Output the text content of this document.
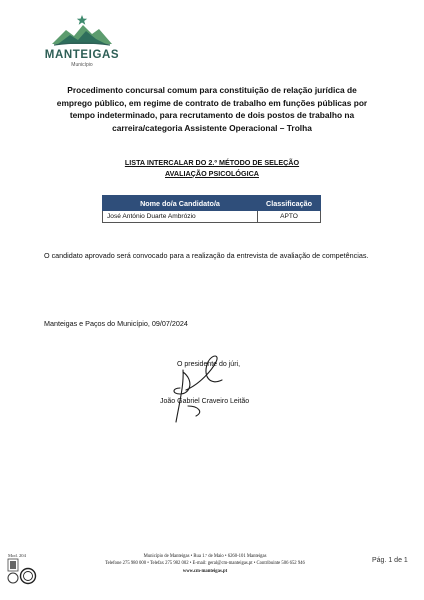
MANTEIGAS
Município
Procedimento concursal comum para constituição de relação jurídica de
emprego público, em regime de contrato de trabalho em funções públicas por
tempo indeterminado, para recrutamento de dois postos de trabalho na
carreira/categoria Assistente Operacional – Trolha
LISTA INTERCALAR DO 2.º MÉTODO DE SELEÇÃO
AVALIAÇÃO PSICOLÓGICA
Nome do/a Candidato/a	Classificação
José António Duarte Ambrózio	APTO
O candidato aprovado será convocado para a realização da entrevista de avaliação de competências.
Manteigas e Paços do Município, 09/07/2024
O presidente do júri,
João Gabriel Craveiro Leitão
Mod. 204	Município de Manteigas • Rua 1.º de Maio • 6260-101 Manteigas
Telefone 275 980 000 • Telefax 275 982 002 • E-mail: geral@cm-manteigas.pt • Contribuinte 506 652 946
www.cm-manteigas.pt
Pág. 1 de 1
